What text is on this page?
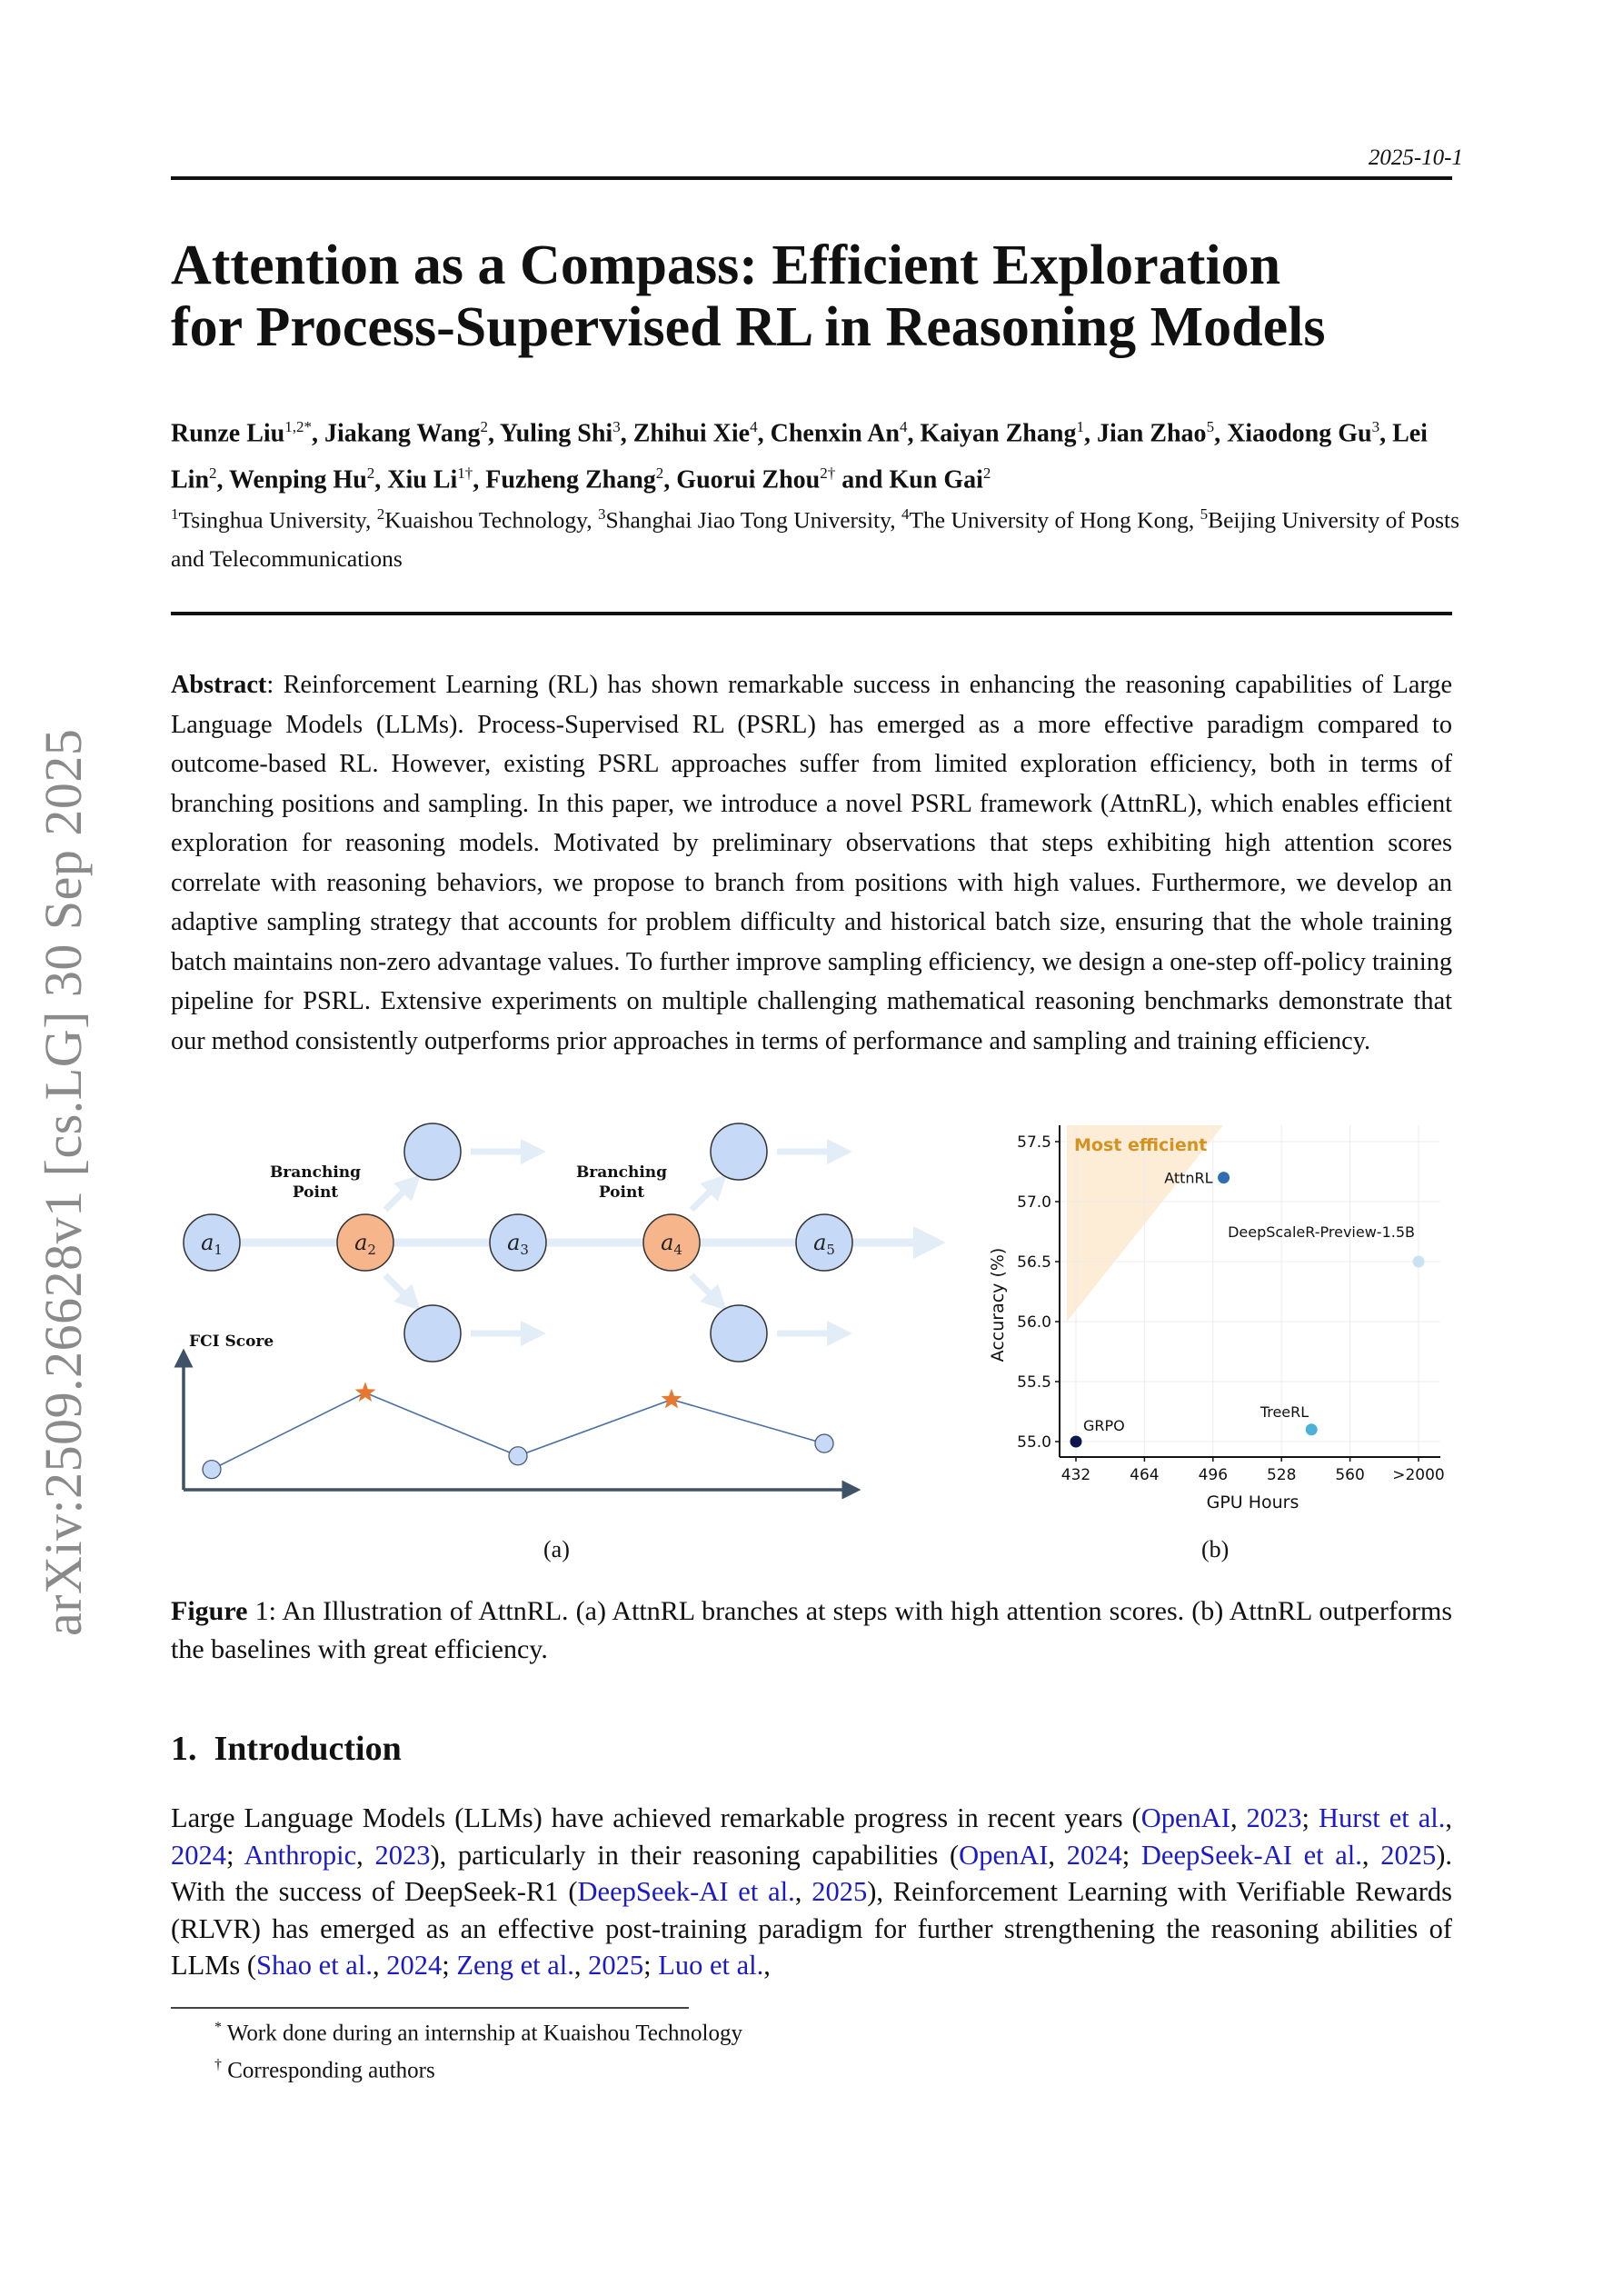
2025-10-1
arXiv:2509.26628v1 [cs.LG] 30 Sep 2025
Attention as a Compass: Efficient Exploration
for Process-Supervised RL in Reasoning Models
Runze Liu$^{1,2*}$, Jiakang Wang$^2$, Yuling Shi$^3$, Zhihui Xie$^4$, Chenxin An$^4$, Kaiyan Zhang$^1$, Jian Zhao$^5$, Xiaodong Gu$^3$, Lei Lin$^2$, Wenping Hu$^2$, Xiu $Li^{1\dagger}$, Fuzheng Zhang$^2$, Guorui Zhou$^{2\dagger}$ and Kun Gai$^2$
$^1$Tsinghua University, $^2$Kuaishou Technology, $^3$Shanghai Jiao Tong University, $^4$The University of Hong Kong, $^5$Beijing University of Posts and Telecommunications
Abstract: Reinforcement Learning (RL) has shown remarkable success in enhancing the reasoning capabilities of Large Language Models (LLMs). Process-Supervised RL (PSRL) has emerged as a more effective paradigm compared to outcome-based RL. However, existing PSRL approaches suffer from limited exploration efficiency, both in terms of branching positions and sampling. In this paper, we introduce a novel PSRL framework (AttnRL), which enables efficient exploration for reasoning models. Motivated by preliminary observations that steps exhibiting high attention scores correlate with reasoning behaviors, we propose to branch from positions with high values. Furthermore, we develop an adaptive sampling strategy that accounts for problem difficulty and historical batch size, ensuring that the whole training batch maintains non-zero advantage values. To further improve sampling efficiency, we design a one-step off-policy training pipeline for PSRL. Extensive experiments on multiple challenging mathematical reasoning benchmarks demonstrate that our method consistently outperforms prior approaches in terms of performance and sampling and training efficiency.
Branching
Point
Branching
Point
$a_1$	$a_2$	$a_3$	$a_4$	$a_5$
FCI Score
(a)
55.0
55.5
56.0
56.5
57.0
57.5
432	464	496	528	560 >2000
GPU Hours
Accuracy (%)
Most efficient
AttnRL
DeepScaleR-Preview-1.5B
TreeRL
GRPO
(b)
Figure 1: An Illustration of AttnRL. (a) AttnRL branches at steps with high attention scores. (b) AttnRL outperforms the baselines with great efficiency.
1. Introduction
Large Language Models (LLMs) have achieved remarkable progress in recent years (OpenAI, 2023; Hurst et al., 2024; Anthropic, 2023), particularly in their reasoning capabilities (OpenAI, 2024; DeepSeek-AI et al., 2025). With the success of DeepSeek-R1 (DeepSeek-AI et al., 2025), Reinforcement Learning with Verifiable Rewards (RLVR) has emerged as an effective post-training paradigm for further strengthening the reasoning abilities of LLMs (Shao et al., 2024; Zeng et al., 2025; Luo et al.,
* Work done during an internship at Kuaishou Technology
† Corresponding authors
